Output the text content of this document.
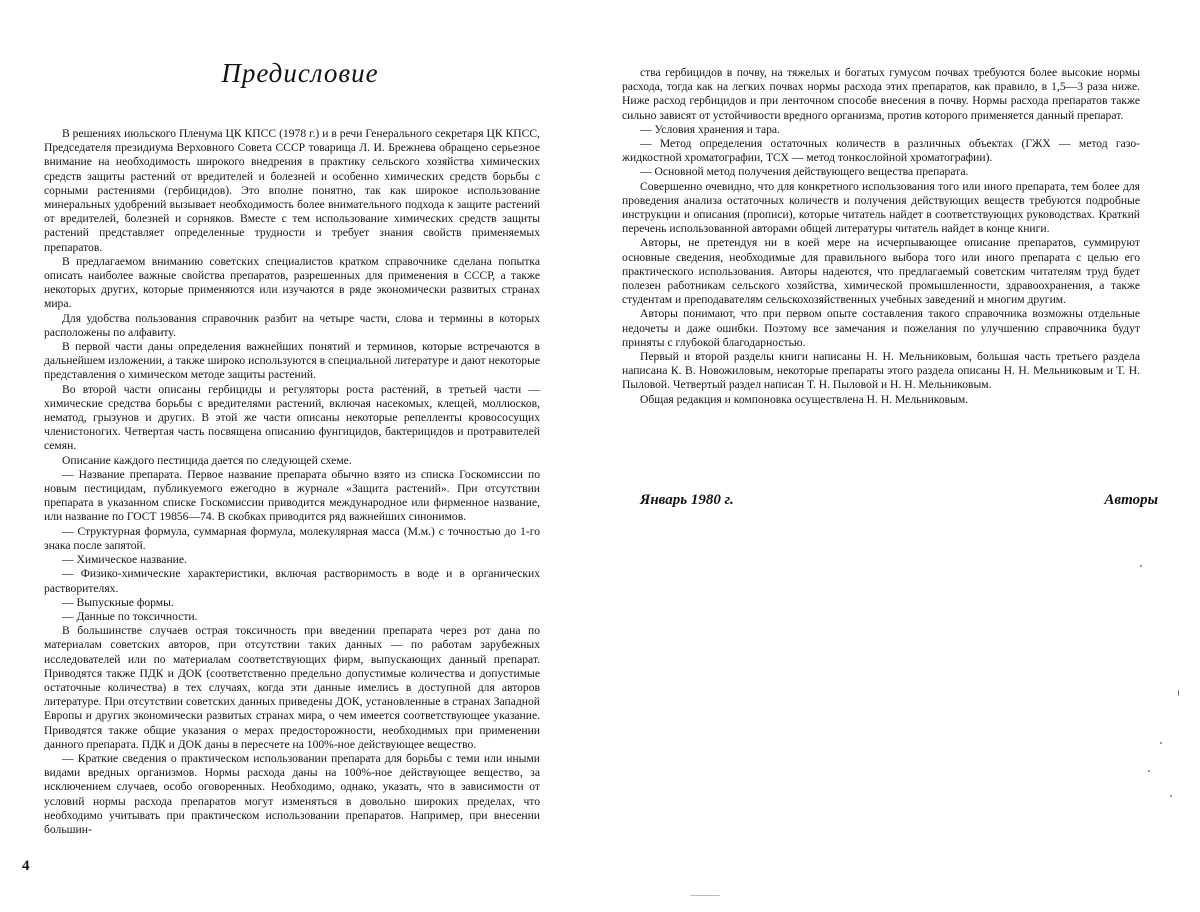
Предисловие

В решениях июльского Пленума ЦК КПСС (1978 г.) и в речи Генерального секретаря ЦК КПСС, Председателя президиума Верховного Совета СССР товарища Л. И. Брежнева обращено серьезное внимание на необходимость широкого внедрения в практику сельского хозяйства химических средств защиты растений от вредителей и болезней и особенно химических средств борьбы с сорными растениями (гербицидов). Это вполне понятно, так как широкое использование минеральных удобрений вызывает необходимость более внимательного подхода к защите растений от вредителей, болезней и сорняков. Вместе с тем использование химических средств защиты растений представляет определенные трудности и требует знания свойств применяемых препаратов.

В предлагаемом вниманию советских специалистов кратком справочнике сделана попытка описать наиболее важные свойства препаратов, разрешенных для применения в СССР, а также некоторых других, которые применяются или изучаются в ряде экономически развитых странах мира.

Для удобства пользования справочник разбит на четыре части, слова и термины в которых расположены по алфавиту.

В первой части даны определения важнейших понятий и терминов, которые встречаются в дальнейшем изложении, а также широко используются в специальной литературе и дают некоторые представления о химическом методе защиты растений.

Во второй части описаны гербициды и регуляторы роста растений, в третьей части — химические средства борьбы с вредителями растений, включая насекомых, клещей, моллюсков, нематод, грызунов и других. В этой же части описаны некоторые репелленты кровососущих членистоногих. Четвертая часть посвящена описанию фунгицидов, бактерицидов и протравителей семян.

Описание каждого пестицида дается по следующей схеме.

— Название препарата. Первое название препарата обычно взято из списка Госкомиссии по новым пестицидам, публикуемого ежегодно в журнале «Защита растений». При отсутствии препарата в указанном списке Госкомиссии приводится международное или фирменное название, или название по ГОСТ 19856—74. В скобках приводится ряд важнейших синонимов.

— Структурная формула, суммарная формула, молекулярная масса (М.м.) с точностью до 1-го знака после запятой.

— Химическое название.

— Физико-химические характеристики, включая растворимость в воде и в органических растворителях.

— Выпускные формы.

— Данные по токсичности.

В большинстве случаев острая токсичность при введении препарата через рот дана по материалам советских авторов, при отсутствии таких данных — по работам зарубежных исследователей или по материалам соответствующих фирм, выпускающих данный препарат. Приводятся также ПДК и ДОК (соответственно предельно допустимые количества и допустимые остаточные количества) в тех случаях, когда эти данные имелись в доступной для авторов литературе. При отсутствии советских данных приведены ДОК, установленные в странах Западной Европы и других экономически развитых странах мира, о чем имеется соответствующее указание. Приводятся также общие указания о мерах предосторожности, необходимых при применении данного препарата. ПДК и ДОК даны в пересчете на 100%-ное действующее вещество.

— Краткие сведения о практическом использовании препарата для борьбы с теми или иными видами вредных организмов. Нормы расхода даны на 100%-ное действующее вещество, за исключением случаев, особо оговоренных. Необходимо, однако, указать, что в зависимости от условий нормы расхода препаратов могут изменяться в довольно широких пределах, что необходимо учитывать при практическом использовании препаратов. Например, при внесении большин-

4

ства гербицидов в почву, на тяжелых и богатых гумусом почвах требуются более высокие нормы расхода, тогда как на легких почвах нормы расхода этих препаратов, как правило, в 1,5—3 раза ниже. Ниже расход гербицидов и при ленточном способе внесения в почву. Нормы расхода препаратов также сильно зависят от устойчивости вредного организма, против которого применяется данный препарат.

— Условия хранения и тара.

— Метод определения остаточных количеств в различных объектах (ГЖХ — метод газо-жидкостной хроматографии, ТСХ — метод тонкослойной хроматографии).

— Основной метод получения действующего вещества препарата.

Совершенно очевидно, что для конкретного использования того или иного препарата, тем более для проведения анализа остаточных количеств и получения действующих веществ требуются подробные инструкции и описания (прописи), которые читатель найдет в соответствующих руководствах. Краткий перечень использованной авторами общей литературы читатель найдет в конце книги.

Авторы, не претендуя ни в коей мере на исчерпывающее описание препаратов, суммируют основные сведения, необходимые для правильного выбора того или иного препарата с целью его практического использования. Авторы надеются, что предлагаемый советским читателям труд будет полезен работникам сельского хозяйства, химической промышленности, здравоохранения, а также студентам и преподавателям сельскохозяйственных учебных заведений и многим другим.

Авторы понимают, что при первом опыте составления такого справочника возможны отдельные недочеты и даже ошибки. Поэтому все замечания и пожелания по улучшению справочника будут приняты с глубокой благодарностью.

Первый и второй разделы книги написаны Н. Н. Мельниковым, большая часть третьего раздела написана К. В. Новожиловым, некоторые препараты этого раздела описаны Н. Н. Мельниковым и Т. Н. Пыловой. Четвертый раздел написан Т. Н. Пыловой и Н. Н. Мельниковым.

Общая редакция и компоновка осуществлена Н. Н. Мельниковым.

Январь 1980 г.	Авторы
